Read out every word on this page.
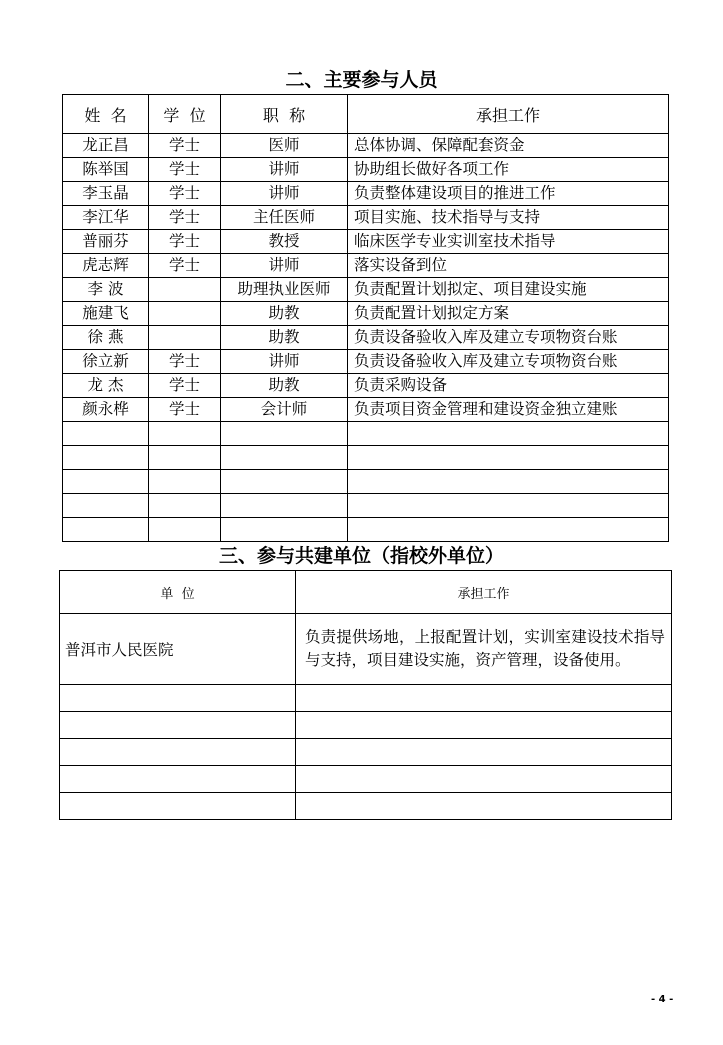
二、主要参与人员
姓  名	学  位	职  称	承担工作
龙正昌	学士	医师	总体协调、保障配套资金
陈举国	学士	讲师	协助组长做好各项工作
李玉晶	学士	讲师	负责整体建设项目的推进工作
李江华	学士	主任医师	项目实施、技术指导与支持
普丽芬	学士	教授	临床医学专业实训室技术指导
虎志辉	学士	讲师	落实设备到位
李 波		助理执业医师	负责配置计划拟定、项目建设实施
施建飞		助教	负责配置计划拟定方案
徐 燕		助教	负责设备验收入库及建立专项物资台账
徐立新	学士	讲师	负责设备验收入库及建立专项物资台账
龙 杰	学士	助教	负责采购设备
颜永桦	学士	会计师	负责项目资金管理和建设资金独立建账

三、参与共建单位（指校外单位）
单  位	承担工作
普洱市人民医院	负责提供场地，上报配置计划，实训室建设技术指导与支持，项目建设实施，资产管理，设备使用。

- 4 -
